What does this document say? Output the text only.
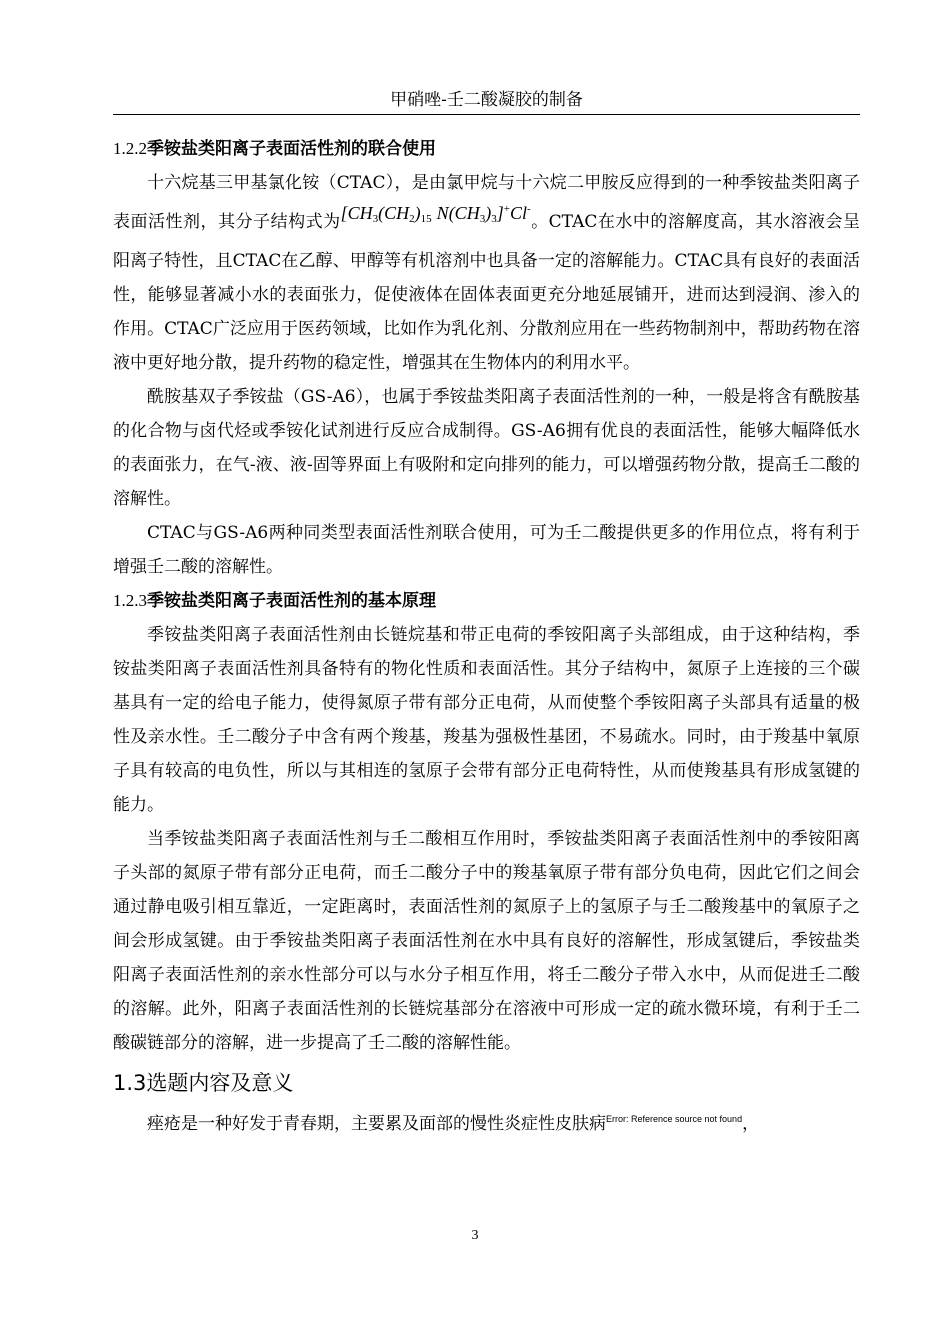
甲硝唑-壬二酸凝胶的制备
1.2.2季铵盐类阳离子表面活性剂的联合使用

十六烷基三甲基氯化铵（CTAC），是由氯甲烷与十六烷二甲胺反应得到的一种季铵盐类阳离子表面活性剂，其分子结构式为[$CH_3(CH_2)_{15}$ $N(CH_3)_3]^+Cl^-$。CTAC在水中的溶解度高，其水溶液会呈阳离子特性，且CTAC在乙醇、甲醇等有机溶剂中也具备一定的溶解能力。CTAC具有良好的表面活性，能够显著减小水的表面张力，促使液体在固体表面更充分地延展铺开，进而达到浸润、渗入的作用。CTAC广泛应用于医药领域，比如作为乳化剂、分散剂应用在一些药物制剂中，帮助药物在溶液中更好地分散，提升药物的稳定性，增强其在生物体内的利用水平。

酰胺基双子季铵盐（GS-A6），也属于季铵盐类阳离子表面活性剂的一种，一般是将含有酰胺基的化合物与卤代烃或季铵化试剂进行反应合成制得。GS-A6拥有优良的表面活性，能够大幅降低水的表面张力，在气-液、液-固等界面上有吸附和定向排列的能力，可以增强药物分散，提高壬二酸的溶解性。

CTAC与GS-A6两种同类型表面活性剂联合使用，可为壬二酸提供更多的作用位点，将有利于增强壬二酸的溶解性。

1.2.3季铵盐类阳离子表面活性剂的基本原理

季铵盐类阳离子表面活性剂由长链烷基和带正电荷的季铵阳离子头部组成，由于这种结构，季铵盐类阳离子表面活性剂具备特有的物化性质和表面活性。其分子结构中，氮原子上连接的三个碳基具有一定的给电子能力，使得氮原子带有部分正电荷，从而使整个季铵阳离子头部具有适量的极性及亲水性。壬二酸分子中含有两个羧基，羧基为强极性基团，不易疏水。同时，由于羧基中氧原子具有较高的电负性，所以与其相连的氢原子会带有部分正电荷特性，从而使羧基具有形成氢键的能力。

当季铵盐类阳离子表面活性剂与壬二酸相互作用时，季铵盐类阳离子表面活性剂中的季铵阳离子头部的氮原子带有部分正电荷，而壬二酸分子中的羧基氧原子带有部分负电荷，因此它们之间会通过静电吸引相互靠近，一定距离时，表面活性剂的氮原子上的氢原子与壬二酸羧基中的氧原子之间会形成氢键。由于季铵盐类阳离子表面活性剂在水中具有良好的溶解性，形成氢键后，季铵盐类阳离子表面活性剂的亲水性部分可以与水分子相互作用，将壬二酸分子带入水中，从而促进壬二酸的溶解。此外，阳离子表面活性剂的长链烷基部分在溶液中可形成一定的疏水微环境，有利于壬二酸碳链部分的溶解，进一步提高了壬二酸的溶解性能。

1.3选题内容及意义

痤疮是一种好发于青春期，主要累及面部的慢性炎症性皮肤病$^{Error: Reference source not found}$，

3
